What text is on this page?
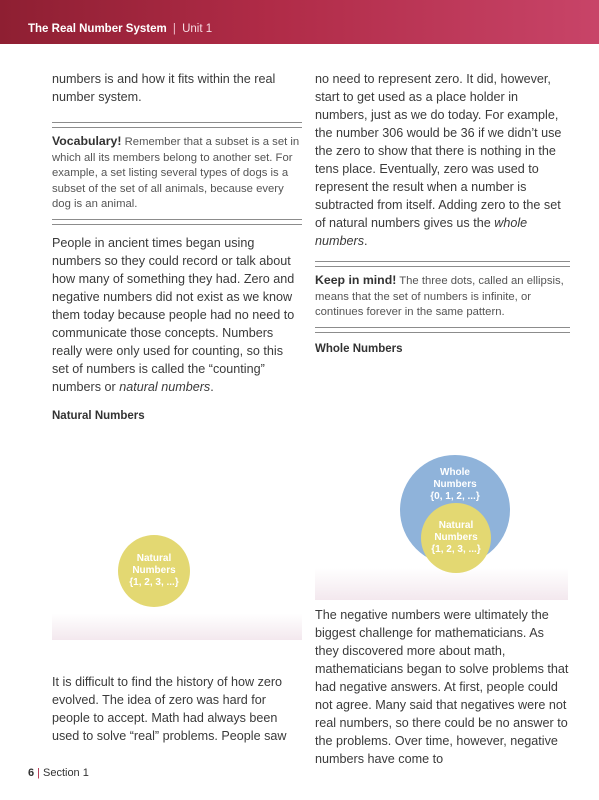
The Real Number System | Unit 1

numbers is and how it fits within the real number system.

Vocabulary! Remember that a subset is a set in which all its members belong to another set. For example, a set listing several types of dogs is a subset of the set of all animals, because every dog is an animal.

People in ancient times began using numbers so they could record or talk about how many of something they had. Zero and negative numbers did not exist as we know them today because people had no need to communicate those concepts. Numbers really were only used for counting, so this set of numbers is called the “counting” numbers or natural numbers.

Natural Numbers
Natural
Numbers
{1, 2, 3, ...}
It is difficult to find the history of how zero evolved. The idea of zero was hard for people to accept. Math had always been used to solve “real” problems. People saw

no need to represent zero. It did, however, start to get used as a place holder in numbers, just as we do today. For example, the number 306 would be 36 if we didn’t use the zero to show that there is nothing in the tens place. Eventually, zero was used to represent the result when a number is subtracted from itself. Adding zero to the set of natural numbers gives us the whole numbers.

Keep in mind! The three dots, called an ellipsis, means that the set of numbers is infinite, or continues forever in the same pattern.
Whole Numbers
Whole
Numbers
{0, 1, 2, ...}
Natural
Numbers
{1, 2, 3, ...}
The negative numbers were ultimately the biggest challenge for mathematicians. As they discovered more about math, mathematicians began to solve problems that had negative answers. At first, people could not agree. Many said that negatives were not real numbers, so there could be no answer to the problems. Over time, however, negative numbers have come to
6 | Section 1
